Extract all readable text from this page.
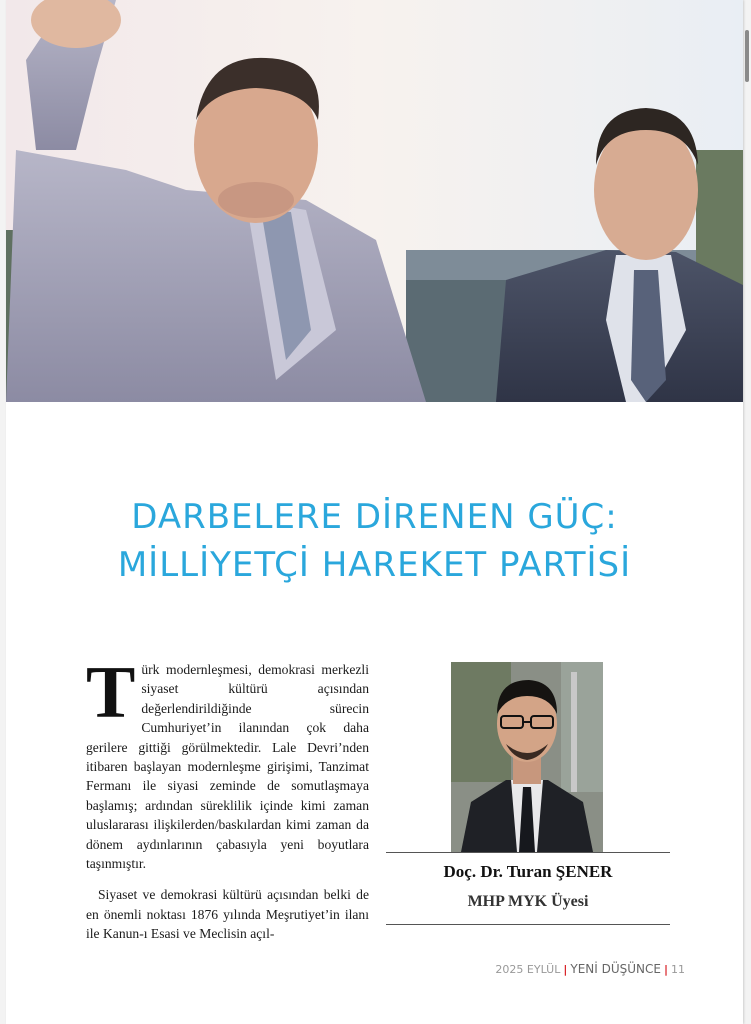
DARBELERE DİRENEN GÜÇ:
MİLLİYETÇİ HAREKET PARTİSİ

Türk modernleşmesi, demokrasi merkezli siyaset kültürü açısından değerlendirildiğinde sürecin Cumhuriyet’in ilanından çok daha gerilere gittiği görülmektedir. Lale Devri’nden itibaren başlayan modernleşme girişimi, Tanzimat Fermanı ile siyasi zeminde de somutlaşmaya başlamış; ardından süreklilik içinde kimi zaman uluslararası ilişkilerden/baskılardan kimi zaman da dönem aydınlarının çabasıyla yeni boyutlara taşınmıştır.

Siyaset ve demokrasi kültürü açısından belki de en önemli noktası 1876 yılında Meşrutiyet’in ilanı ile Kanun-ı Esasi ve Meclisin açıl-

Doç. Dr. Turan ŞENER
MHP MYK Üyesi
2025 EYLÜL | YENİ DÜŞÜNCE | 11
